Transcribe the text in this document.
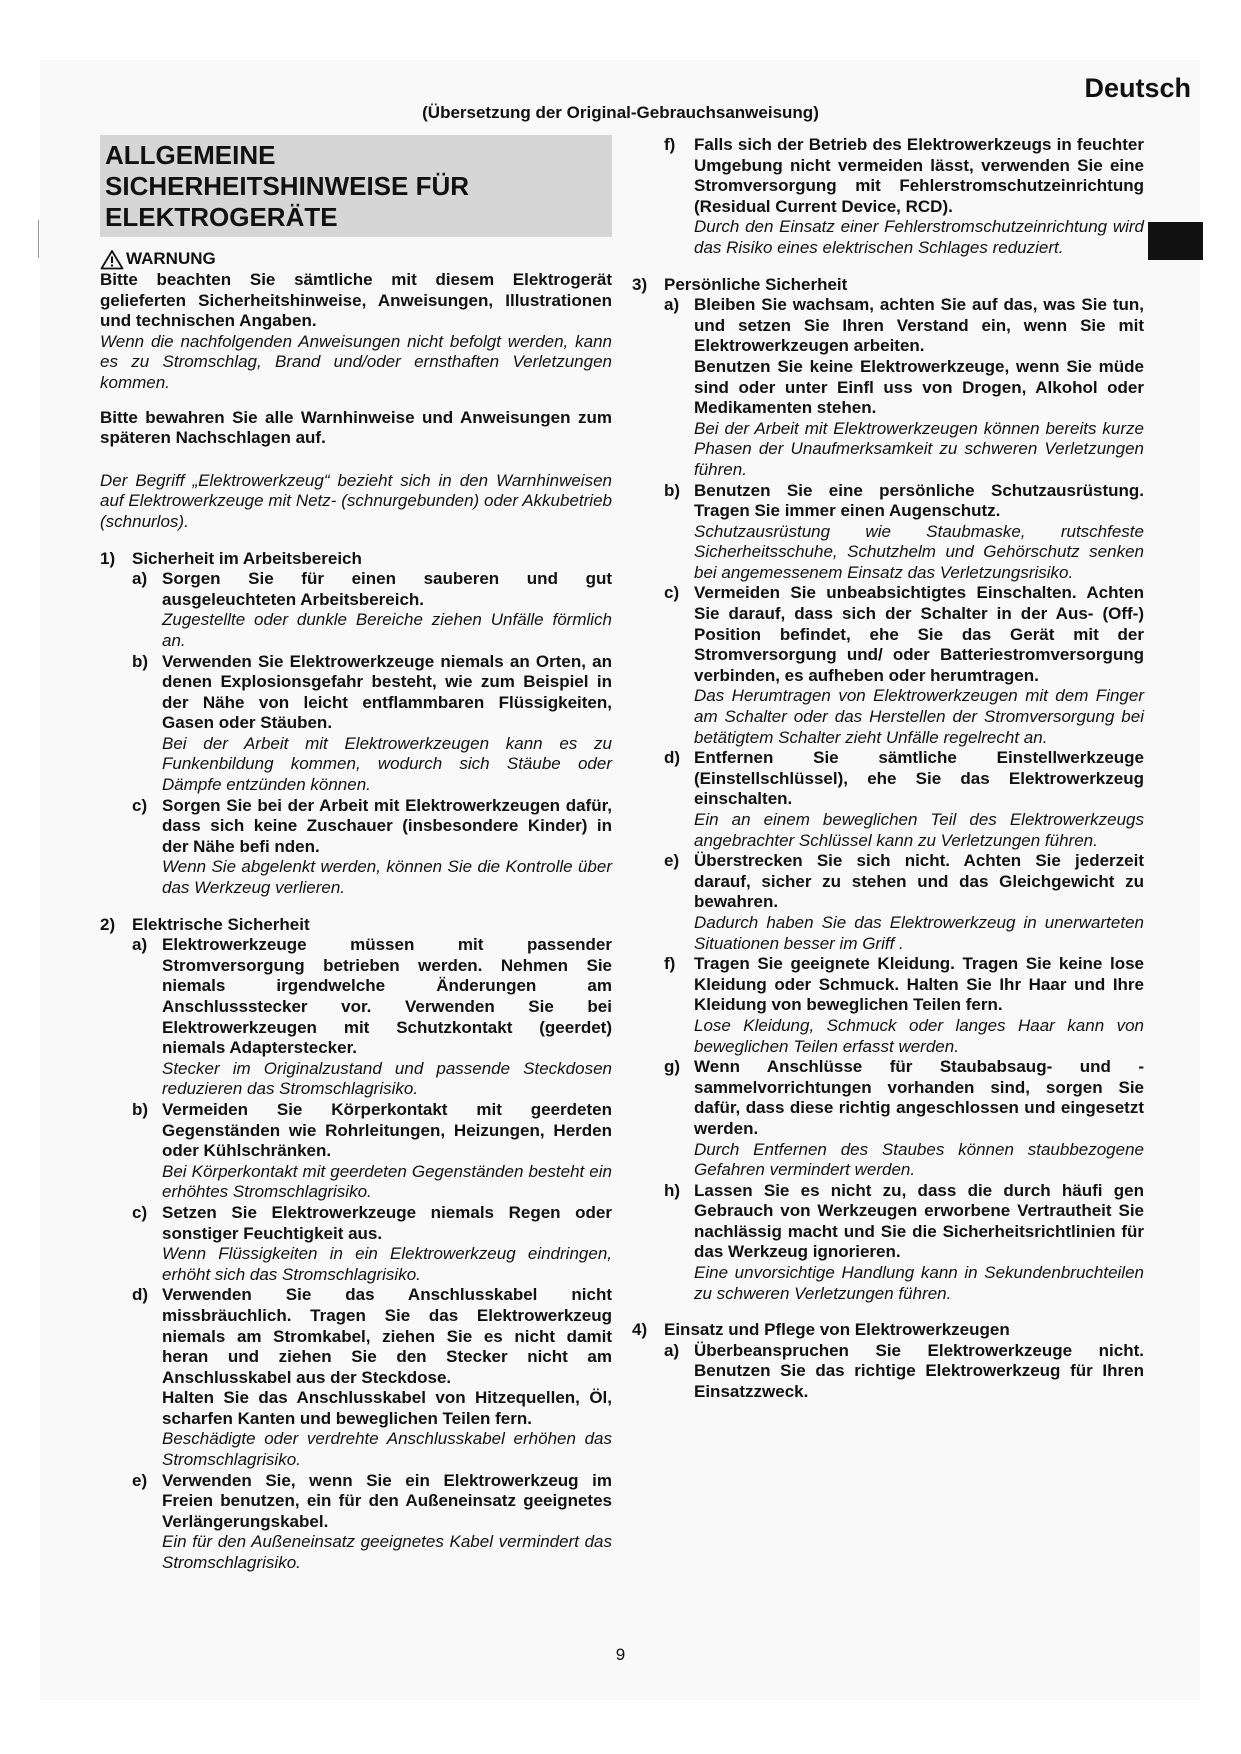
Deutsch
(Übersetzung der Original-Gebrauchsanweisung)
ALLGEMEINE
SICHERHEITSHINWEISE FÜR
ELEKTROGERÄTE
WARNUNG
Bitte beachten Sie sämtliche mit diesem Elektrogerät gelieferten Sicherheitshinweise, Anweisungen, Illustrationen und technischen Angaben.
Wenn die nachfolgenden Anweisungen nicht befolgt werden, kann es zu Stromschlag, Brand und/oder ernsthaften Verletzungen kommen.
Bitte bewahren Sie alle Warnhinweise und Anweisungen zum späteren Nachschlagen auf.
Der Begriff „Elektrowerkzeug“ bezieht sich in den Warnhinweisen auf Elektrowerkzeuge mit Netz- (schnurgebunden) oder Akkubetrieb (schnurlos).
1) Sicherheit im Arbeitsbereich
a) Sorgen Sie für einen sauberen und gut ausgeleuchteten Arbeitsbereich.
Zugestellte oder dunkle Bereiche ziehen Unfälle förmlich an.
b) Verwenden Sie Elektrowerkzeuge niemals an Orten, an denen Explosionsgefahr besteht, wie zum Beispiel in der Nähe von leicht entflammbaren Flüssigkeiten, Gasen oder Stäuben.
Bei der Arbeit mit Elektrowerkzeugen kann es zu Funkenbildung kommen, wodurch sich Stäube oder Dämpfe entzünden können.
c) Sorgen Sie bei der Arbeit mit Elektrowerkzeugen dafür, dass sich keine Zuschauer (insbesondere Kinder) in der Nähe befi nden.
Wenn Sie abgelenkt werden, können Sie die Kontrolle über das Werkzeug verlieren.
2) Elektrische Sicherheit
a) Elektrowerkzeuge müssen mit passender Stromversorgung betrieben werden. Nehmen Sie niemals irgendwelche Änderungen am Anschlussstecker vor. Verwenden Sie bei Elektrowerkzeugen mit Schutzkontakt (geerdet) niemals Adapterstecker.
Stecker im Originalzustand und passende Steckdosen reduzieren das Stromschlagrisiko.
b) Vermeiden Sie Körperkontakt mit geerdeten Gegenständen wie Rohrleitungen, Heizungen, Herden oder Kühlschränken.
Bei Körperkontakt mit geerdeten Gegenständen besteht ein erhöhtes Stromschlagrisiko.
c) Setzen Sie Elektrowerkzeuge niemals Regen oder sonstiger Feuchtigkeit aus.
Wenn Flüssigkeiten in ein Elektrowerkzeug eindringen, erhöht sich das Stromschlagrisiko.
d) Verwenden Sie das Anschlusskabel nicht missbräuchlich. Tragen Sie das Elektrowerkzeug niemals am Stromkabel, ziehen Sie es nicht damit heran und ziehen Sie den Stecker nicht am Anschlusskabel aus der Steckdose.
Halten Sie das Anschlusskabel von Hitzequellen, Öl, scharfen Kanten und beweglichen Teilen fern.
Beschädigte oder verdrehte Anschlusskabel erhöhen das Stromschlagrisiko.
e) Verwenden Sie, wenn Sie ein Elektrowerkzeug im Freien benutzen, ein für den Außeneinsatz geeignetes Verlängerungskabel.
Ein für den Außeneinsatz geeignetes Kabel vermindert das Stromschlagrisiko.
f)	Falls sich der Betrieb des Elektrowerkzeugs in feuchter Umgebung nicht vermeiden lässt, verwenden Sie eine Stromversorgung mit Fehlerstromschutzeinrichtung (Residual Current Device, RCD).
Durch den Einsatz einer Fehlerstromschutzeinrichtung wird das Risiko eines elektrischen Schlages reduziert.
3) Persönliche Sicherheit
a) Bleiben Sie wachsam, achten Sie auf das, was Sie tun, und setzen Sie Ihren Verstand ein, wenn Sie mit Elektrowerkzeugen arbeiten.
Benutzen Sie keine Elektrowerkzeuge, wenn Sie müde sind oder unter Einfl uss von Drogen, Alkohol oder Medikamenten stehen.
Bei der Arbeit mit Elektrowerkzeugen können bereits kurze Phasen der Unaufmerksamkeit zu schweren Verletzungen führen.
b) Benutzen Sie eine persönliche Schutzausrüstung. Tragen Sie immer einen Augenschutz.
Schutzausrüstung wie Staubmaske, rutschfeste Sicherheitsschuhe, Schutzhelm und Gehörschutz senken bei angemessenem Einsatz das Verletzungsrisiko.
c) Vermeiden Sie unbeabsichtigtes Einschalten. Achten Sie darauf, dass sich der Schalter in der Aus- (Off-) Position befindet, ehe Sie das Gerät mit der Stromversorgung und/ oder Batteriestromversorgung verbinden, es aufheben oder herumtragen.
Das Herumtragen von Elektrowerkzeugen mit dem Finger am Schalter oder das Herstellen der Stromversorgung bei betätigtem Schalter zieht Unfälle regelrecht an.
d) Entfernen Sie sämtliche Einstellwerkzeuge (Einstellschlüssel), ehe Sie das Elektrowerkzeug einschalten.
Ein an einem beweglichen Teil des Elektrowerkzeugs angebrachter Schlüssel kann zu Verletzungen führen.
e) Überstrecken Sie sich nicht. Achten Sie jederzeit darauf, sicher zu stehen und das Gleichgewicht zu bewahren.
Dadurch haben Sie das Elektrowerkzeug in unerwarteten Situationen besser im Griff .
f)	Tragen Sie geeignete Kleidung. Tragen Sie keine lose Kleidung oder Schmuck. Halten Sie Ihr Haar und Ihre Kleidung von beweglichen Teilen fern.
Lose Kleidung, Schmuck oder langes Haar kann von beweglichen Teilen erfasst werden.
g) Wenn Anschlüsse für Staubabsaug- und -sammelvorrichtungen vorhanden sind, sorgen Sie dafür, dass diese richtig angeschlossen und eingesetzt werden.
Durch Entfernen des Staubes können staubbezogene Gefahren vermindert werden.
h) Lassen Sie es nicht zu, dass die durch häufi gen Gebrauch von Werkzeugen erworbene Vertrautheit Sie nachlässig macht und Sie die Sicherheitsrichtlinien für das Werkzeug ignorieren.
Eine unvorsichtige Handlung kann in Sekundenbruchteilen zu schweren Verletzungen führen.
4) Einsatz und Pflege von Elektrowerkzeugen
a) Überbeanspruchen Sie Elektrowerkzeuge nicht. Benutzen Sie das richtige Elektrowerkzeug für Ihren Einsatzzweck.
9
